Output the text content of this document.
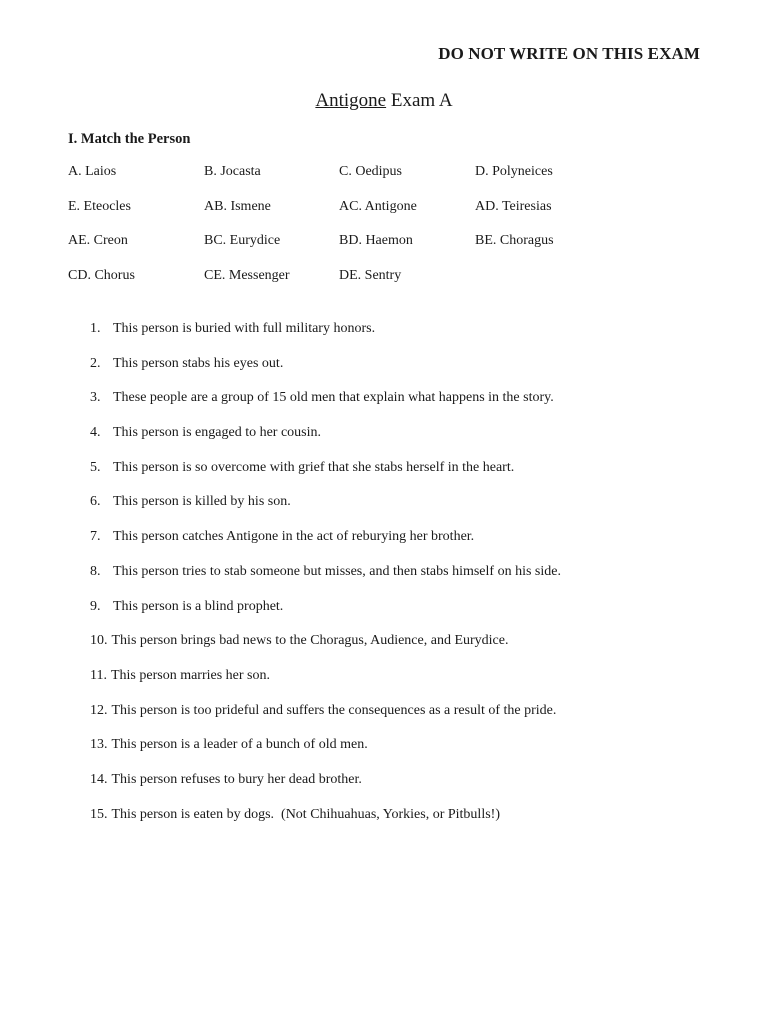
DO NOT WRITE ON THIS EXAM
Antigone Exam A
I. Match the Person
A. Laios	B. Jocasta	C. Oedipus	D. Polyneices
E. Eteocles	AB. Ismene	AC. Antigone	AD. Teiresias
AE. Creon	BC. Eurydice	BD. Haemon	BE. Choragus
CD. Chorus	CE. Messenger	DE. Sentry
1. This person is buried with full military honors.
2. This person stabs his eyes out.
3. These people are a group of 15 old men that explain what happens in the story.
4. This person is engaged to her cousin.
5. This person is so overcome with grief that she stabs herself in the heart.
6. This person is killed by his son.
7. This person catches Antigone in the act of reburying her brother.
8. This person tries to stab someone but misses, and then stabs himself on his side.
9. This person is a blind prophet.
10. This person brings bad news to the Choragus, Audience, and Eurydice.
11. This person marries her son.
12. This person is too prideful and suffers the consequences as a result of the pride.
13. This person is a leader of a bunch of old men.
14. This person refuses to bury her dead brother.
15. This person is eaten by dogs.  (Not Chihuahuas, Yorkies, or Pitbulls!)
